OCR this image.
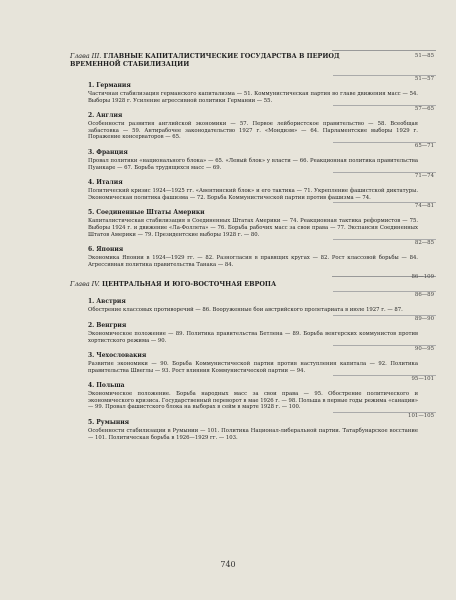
51—85
Глава III. ГЛАВНЫЕ КАПИТАЛИСТИЧЕСКИЕ ГОСУДАРСТВА В ПЕРИОД ВРЕМЕННОЙ СТАБИЛИЗАЦИИ
51—57
1. Германия
Частичная стабилизация германского капитализма — 51. Коммунистическая партия во главе движения масс — 54. Выборы 1928 г. Усиление агрессивной политики Германии — 55.
57—65
2. Англия
Особенности развития английской экономики — 57. Первое лейбористское правительство — 58. Всеобщая забастовка — 59. Антирабочее законодательство 1927 г. «Мондизм» — 64. Парламентские выборы 1929 г. Поражение консерваторов — 65.
65—71
3. Франция
Провал политики «национального блока» — 65. «Левый блок» у власти — 66. Реакционная политика правительства Пуанкаре — 67. Борьба трудящихся масс — 69.
71—74
4. Италия
Политический кризис 1924—1925 гг. «Авентинский блок» и его тактика — 71. Укрепление фашистской диктатуры. Экономическая политика фашизма — 72. Борьба Коммунистической партии против фашизма — 74.
74—81
5. Соединенные Штаты Америки
Капиталистическая стабилизация в Соединенных Штатах Америки — 74. Реакционная тактика реформистов — 75. Выборы 1924 г. и движение «Ла-Фоллета» — 76. Борьба рабочих масс за свои права — 77. Экспансия Соединенных Штатов Америки — 79. Президентские выборы 1928 г. — 80.
82—85
6. Япония
Экономика Японии в 1924—1929 гг. — 82. Разногласия в правящих кругах — 82. Рост классовой борьбы — 84. Агрессивная политика правительства Танака — 84.
86—109
Глава IV. ЦЕНТРАЛЬНАЯ И ЮГО-ВОСТОЧНАЯ ЕВРОПА
86—89
1. Австрия
Обострение классовых противоречий — 86. Вооруженные бои австрийского пролетариата в июле 1927 г. — 87.
89—90
2. Венгрия
Экономическое положение — 89. Политика правительства Бетлена — 89. Борьба венгерских коммунистов против хортистского режима — 90.
90—95
3. Чехословакия
Развитие экономики — 90. Борьба Коммунистической партии против наступления капитала — 92. Политика правительства Швеглы — 93. Рост влияния Коммунистической партии — 94.
95—101
4. Польша
Экономическое положение. Борьба народных масс за свои права — 95. Обострение политического и экономического кризиса. Государственный переворот в мае 1926 г. — 98. Польша в первые годы режима «санации» — 99. Провал фашистского блока на выборах в сейм в марте 1928 г. — 100.
101—105
5. Румыния
Особенности стабилизации в Румынии — 101. Политика Национал-либеральной партии. Татарбунарское восстание — 101. Политическая борьба в 1926—1929 гг. — 103.
740
